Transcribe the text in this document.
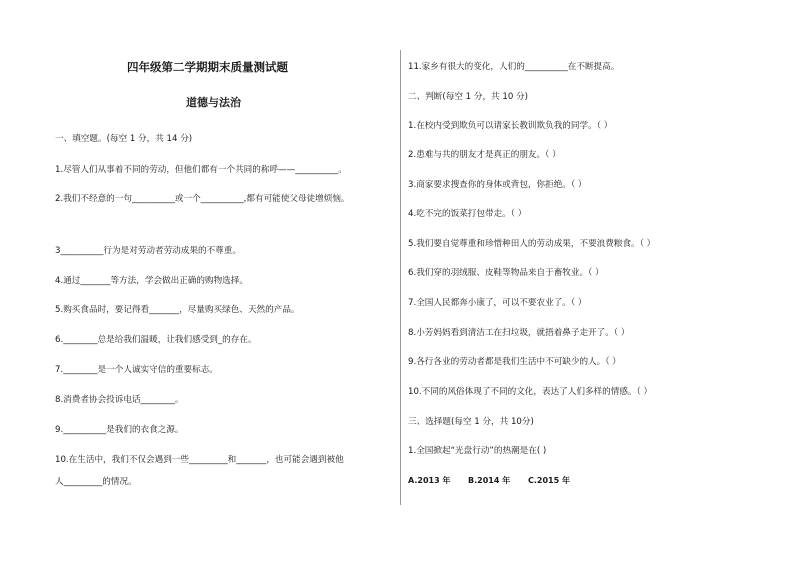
四年级第二学期期末质量测试题
道德与法治
一、填空题。(每空 1 分，共 14 分)
1.尽管人们从事着不同的劳动，但他们都有一个共同的称呼——__________。
2.我们不经意的一句__________或一个__________,都有可能使父母徒增烦恼。
3__________行为是对劳动者劳动成果的不尊重。
4.通过_______等方法，学会做出正确的购物选择。
5.购买食品时，要记得看_______，尽量购买绿色、天然的产品。
6.________总是给我们温暖，让我们感受到_的存在。
7.________是一个人诚实守信的重要标志。
8.消费者协会投诉电话________。
9.__________是我们的衣食之源。
10.在生活中，我们不仅会遇到一些_________和_______，也可能会遇到被他
人_________的情况。
11.家乡有很大的变化，人们的__________在不断提高。
二、判断(每空 1 分，共 10 分)
1.在校内受到欺负可以请家长教训欺负我的同学。（ ）
2.患难与共的朋友才是真正的朋友。（ ）
3.商家要求搜查你的身体或背包，你拒绝。（ ）
4.吃不完的饭菜打包带走。（ ）
5.我们要自觉尊重和珍惜种田人的劳动成果，不要浪费粮食。（ ）
6.我们穿的羽绒服、皮鞋等物品来自于畜牧业。（ ）
7.全国人民都奔小康了，可以不要农业了。（ ）
8.小芳妈妈看到清洁工在扫垃圾，就捂着鼻子走开了。（ ）
9.各行各业的劳动者都是我们生活中不可缺少的人。（ ）
10.不同的风俗体现了不同的文化，表达了人们多样的情感。（ ）
三、选择题(每空 1 分，共 10分)
1.全国掀起“光盘行动”的热潮是在( )
A.2013 年 B.2014 年 C.2015 年
